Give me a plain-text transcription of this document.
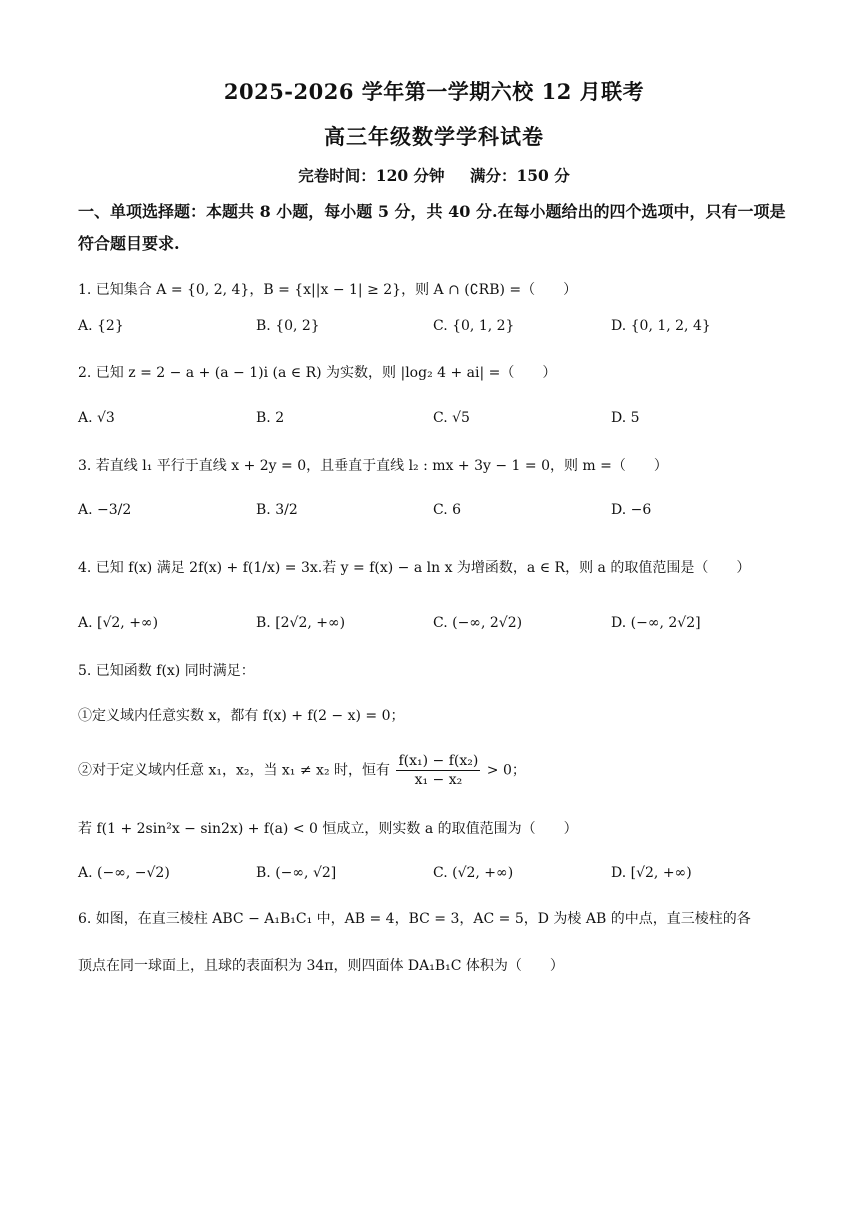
2025-2026 学年第一学期六校 12 月联考
高三年级数学学科试卷
完卷时间：120 分钟 满分：150 分
一、单项选择题：本题共 8 小题，每小题 5 分，共 40 分.在每小题给出的四个选项中，只有一项是符合题目要求.
1. 已知集合 A = {0, 2, 4}，B = {x||x − 1| ≥ 2}，则 A ∩ (∁RB) =（　　）
A. {2}	B. {0, 2}	C. {0, 1, 2}	D. {0, 1, 2, 4}
2. 已知 z = 2 − a + (a − 1)i (a ∈ R) 为实数，则 |log₂ 4 + ai| =（　　）
A. √3	B. 2	C. √5	D. 5
3. 若直线 l₁ 平行于直线 x + 2y = 0，且垂直于直线 l₂ : mx + 3y − 1 = 0，则 m =（　　）
A. −3/2	B. 3/2	C. 6	D. −6
4. 已知 f(x) 满足 2f(x) + f(1/x) = 3x.若 y = f(x) − a ln x 为增函数，a ∈ R，则 a 的取值范围是（　　）
A. [√2, +∞)	B. [2√2, +∞)	C. (−∞, 2√2)	D. (−∞, 2√2]
5. 已知函数 f(x) 同时满足：
①定义域内任意实数 x，都有 f(x) + f(2 − x) = 0；
②对于定义域内任意 x₁，x₂，当 x₁ ≠ x₂ 时，恒有 $\frac{\text{f(x₁) − f(x₂)}}{\text{x₁ − x₂}} > 0$；
若 f(1 + 2sin²x − sin2x) + f(a) < 0 恒成立，则实数 a 的取值范围为（　　）
A. (−∞, −√2)	B. (−∞, √2]	C. (√2, +∞)	D. [√2, +∞)
6. 如图，在直三棱柱 ABC − A₁B₁C₁ 中，AB = 4，BC = 3，AC = 5，D 为棱 AB 的中点，直三棱柱的各
顶点在同一球面上，且球的表面积为 34π，则四面体 DA₁B₁C 体积为（　　）
